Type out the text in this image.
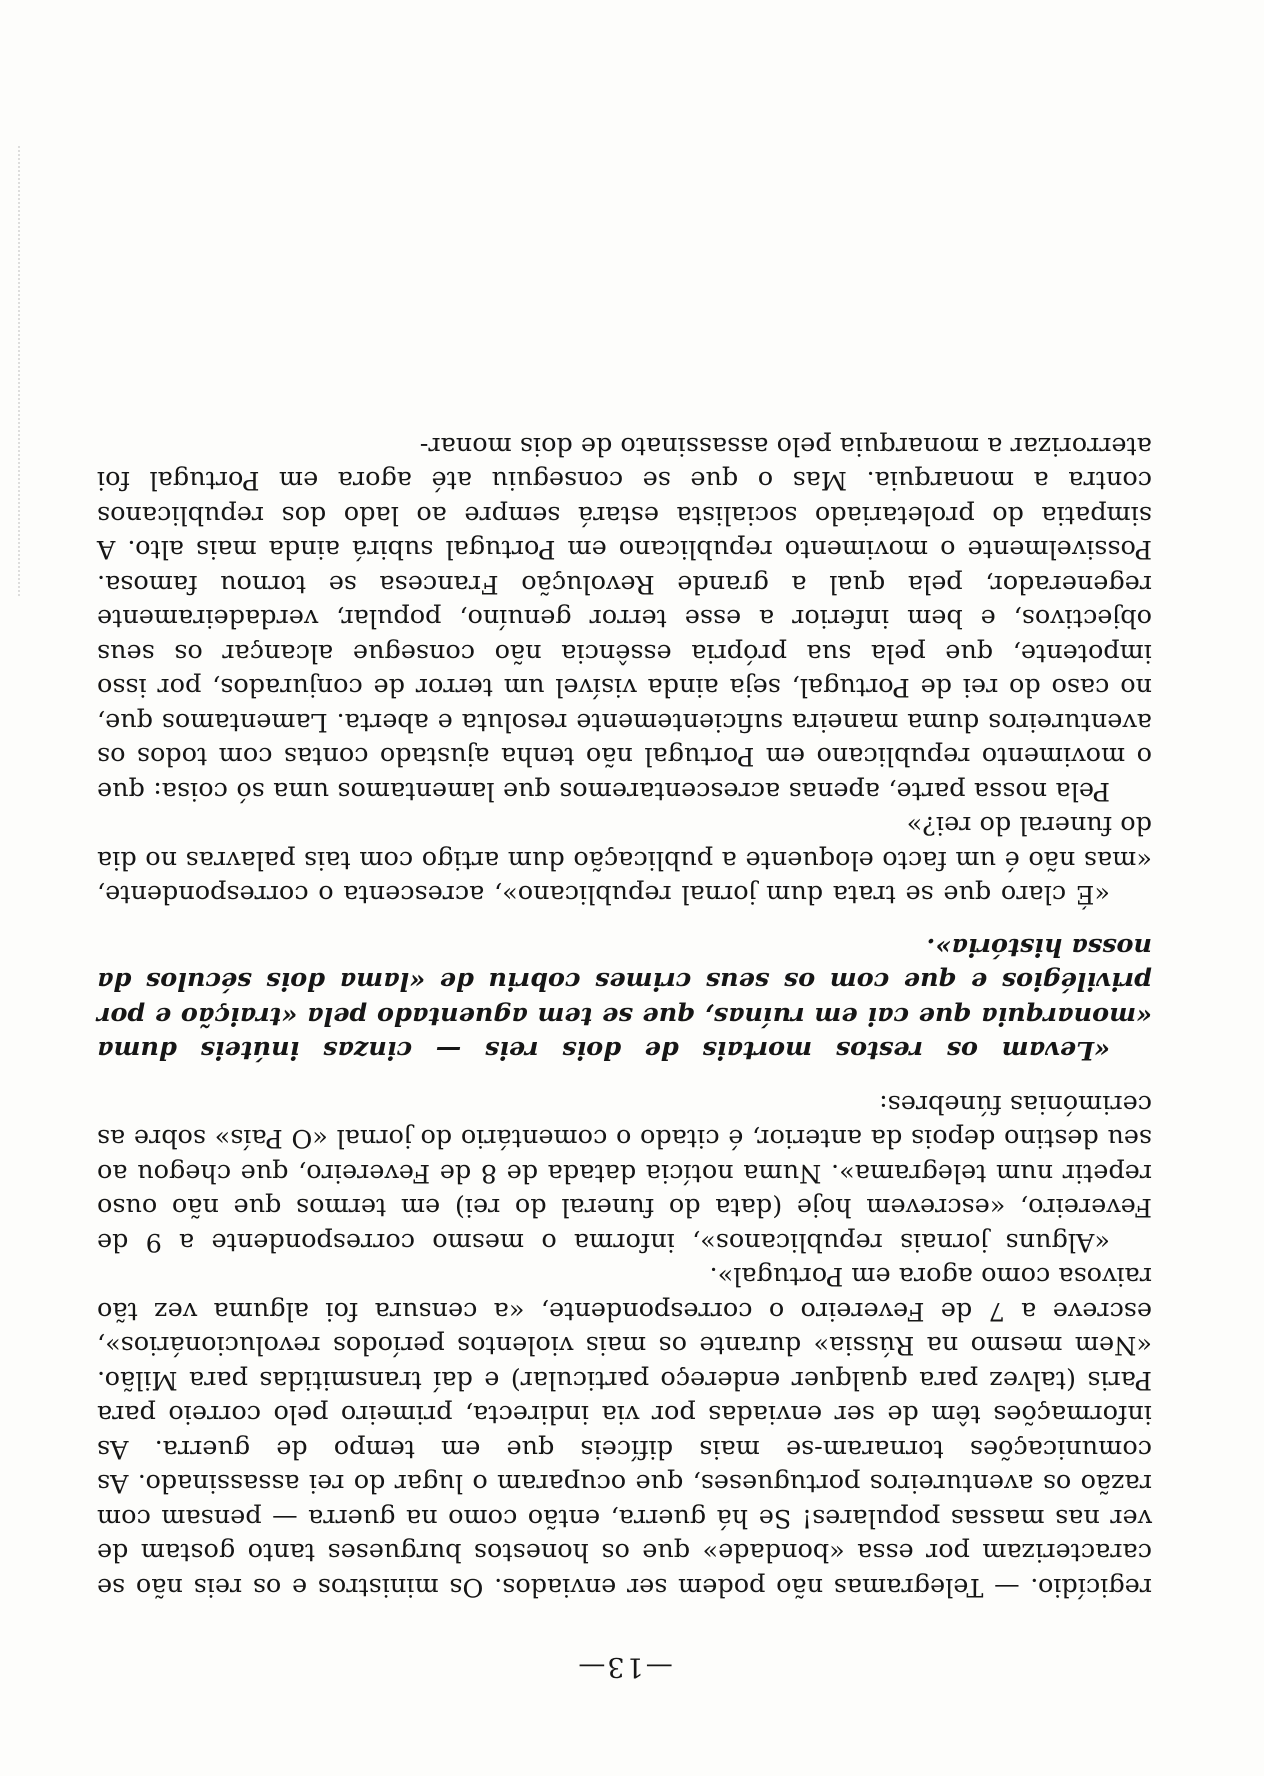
—13—

regicídio. — Telegramas não podem ser enviados. Os ministros e os reis não se caracterizam por essa «bondade» que os honestos burgueses tanto gostam de ver nas massas populares! Se há guerra, então como na guerra — pensam com razão os aventureiros portugueses, que ocuparam o lugar do rei assassinado. As comunicações tornaram-se mais difíceis que em tempo de guerra. As informações têm de ser enviadas por via indirecta, primeiro pelo correio para Paris (talvez para qualquer endereço particular) e daí transmitidas para Milão. «Nem mesmo na Rússia» durante os mais violentos períodos revolucionários», escreve a 7 de Fevereiro o correspondente, «a censura foi alguma vez tão raivosa como agora em Portugal».

«Alguns jornais republicanos», informa o mesmo correspondente a 9 de Fevereiro, «escrevem hoje (data do funeral do rei) em termos que não ouso repetir num telegrama». Numa notícia datada de 8 de Fevereiro, que chegou ao seu destino depois da anterior, é citado o comentário do jornal «O País» sobre as cerimónias fúnebres:

«Levam os restos mortais de dois reis — cinzas inúteis duma «monarquia que cai em ruínas, que se tem aguentado pela «traição e por privilégios e que com os seus crimes cobriu de «lama dois séculos da nossa história».

«É claro que se trata dum jornal republicano», acrescenta o correspondente, «mas não é um facto eloquente a publicação dum artigo com tais palavras no dia do funeral do rei?»

Pela nossa parte, apenas acrescentaremos que lamentamos uma só coisa: que o movimento republicano em Portugal não tenha ajustado contas com todos os aventureiros duma maneira suficientemente resoluta e aberta. Lamentamos que, no caso do rei de Portugal, seja ainda visível um terror de conjurados, por isso impotente, que pela sua própria essência não consegue alcançar os seus objectivos, e bem inferior a esse terror genuíno, popular, verdadeiramente regenerador, pela qual a grande Revolução Francesa se tornou famosa. Possivelmente o movimento republicano em Portugal subirá ainda mais alto. A simpatia do proletariado socialista estará sempre ao lado dos republicanos contra a monarquia. Mas o que se conseguiu até agora em Portugal foi aterrorizar a monarquia pelo assassinato de dois monar-
